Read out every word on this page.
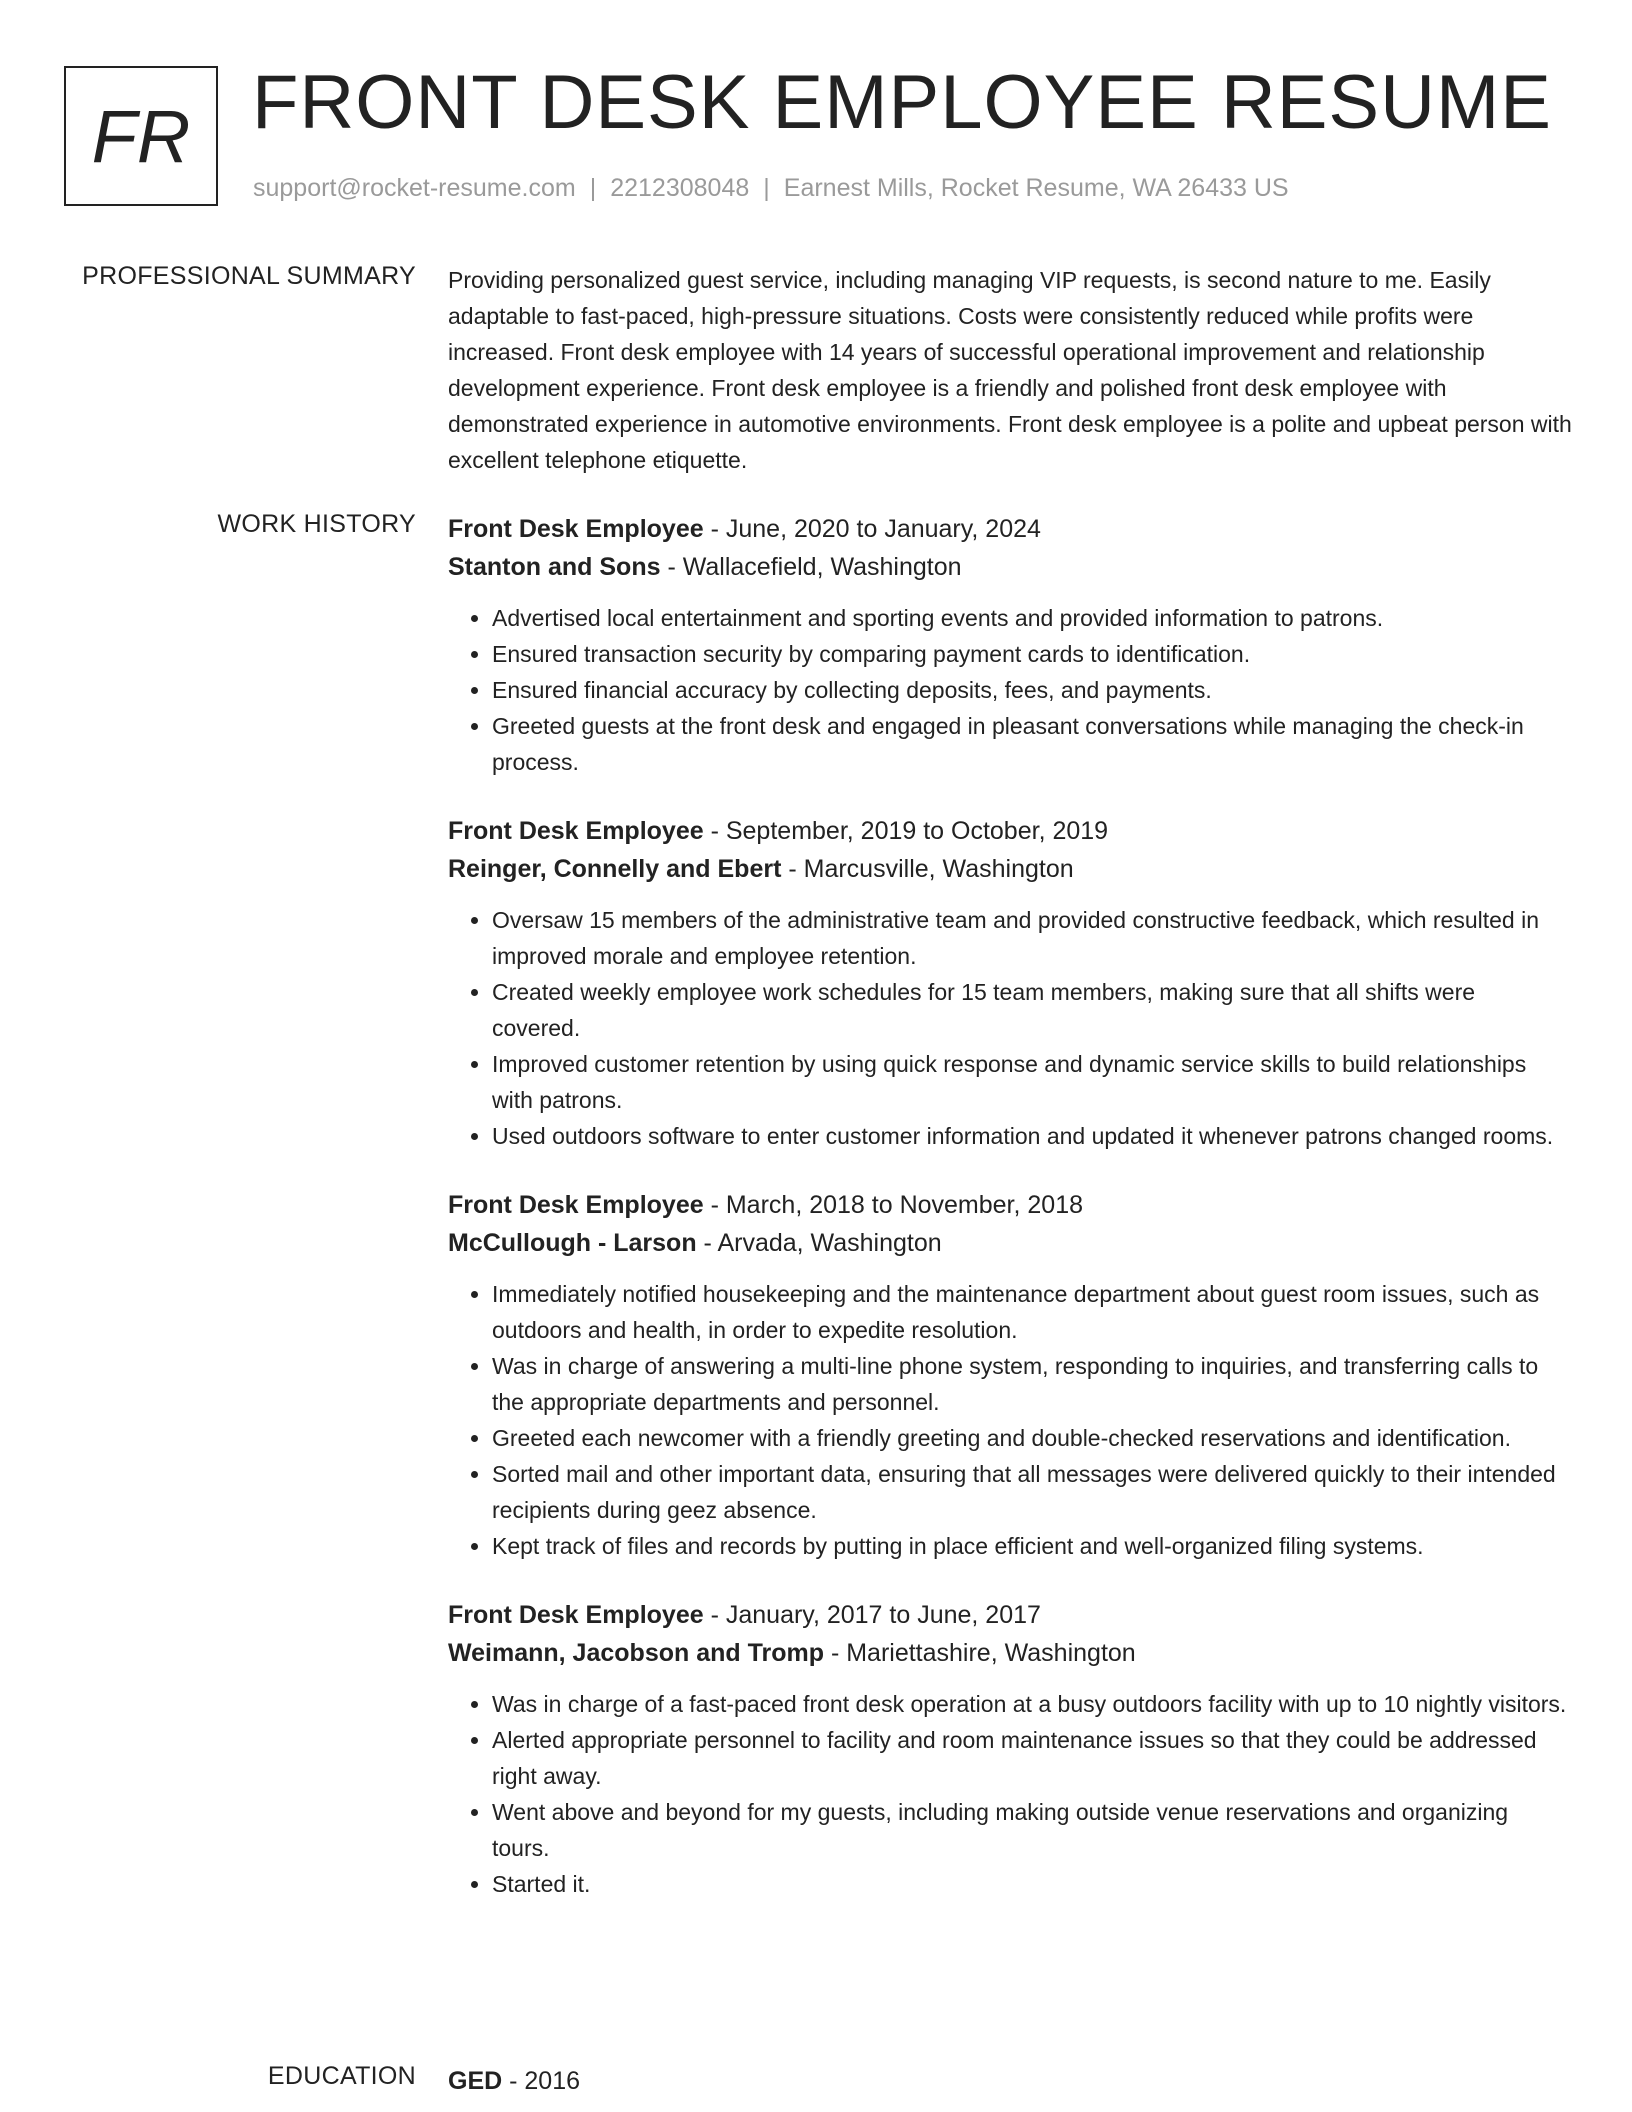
FR FRONT DESK EMPLOYEE RESUME
support@rocket-resume.com | 2212308048 | Earnest Mills, Rocket Resume, WA 26433 US
PROFESSIONAL SUMMARY Providing personalized guest service, including managing VIP requests, is second nature to me. Easily adaptable to fast-paced, high-pressure situations. Costs were consistently reduced while profits were increased. Front desk employee with 14 years of successful operational improvement and relationship development experience. Front desk employee is a friendly and polished front desk employee with demonstrated experience in automotive environments. Front desk employee is a polite and upbeat person with excellent telephone etiquette.

WORK HISTORY Front Desk Employee - June, 2020 to January, 2024
Stanton and Sons - Wallacefield, Washington
• Advertised local entertainment and sporting events and provided information to patrons.
• Ensured transaction security by comparing payment cards to identification.
• Ensured financial accuracy by collecting deposits, fees, and payments.
• Greeted guests at the front desk and engaged in pleasant conversations while managing the check-in process.
Front Desk Employee - September, 2019 to October, 2019
Reinger, Connelly and Ebert - Marcusville, Washington
• Oversaw 15 members of the administrative team and provided constructive feedback, which resulted in improved morale and employee retention.
• Created weekly employee work schedules for 15 team members, making sure that all shifts were covered.
• Improved customer retention by using quick response and dynamic service skills to build relationships with patrons.
• Used outdoors software to enter customer information and updated it whenever patrons changed rooms.
Front Desk Employee - March, 2018 to November, 2018
McCullough - Larson - Arvada, Washington
• Immediately notified housekeeping and the maintenance department about guest room issues, such as outdoors and health, in order to expedite resolution.
• Was in charge of answering a multi-line phone system, responding to inquiries, and transferring calls to the appropriate departments and personnel.
• Greeted each newcomer with a friendly greeting and double-checked reservations and identification.
• Sorted mail and other important data, ensuring that all messages were delivered quickly to their intended recipients during geez absence.
• Kept track of files and records by putting in place efficient and well-organized filing systems.
Front Desk Employee - January, 2017 to June, 2017
Weimann, Jacobson and Tromp - Mariettashire, Washington
• Was in charge of a fast-paced front desk operation at a busy outdoors facility with up to 10 nightly visitors.
• Alerted appropriate personnel to facility and room maintenance issues so that they could be addressed right away.
• Went above and beyond for my guests, including making outside venue reservations and organizing tours.
• Started it.
EDUCATION GED - 2016
